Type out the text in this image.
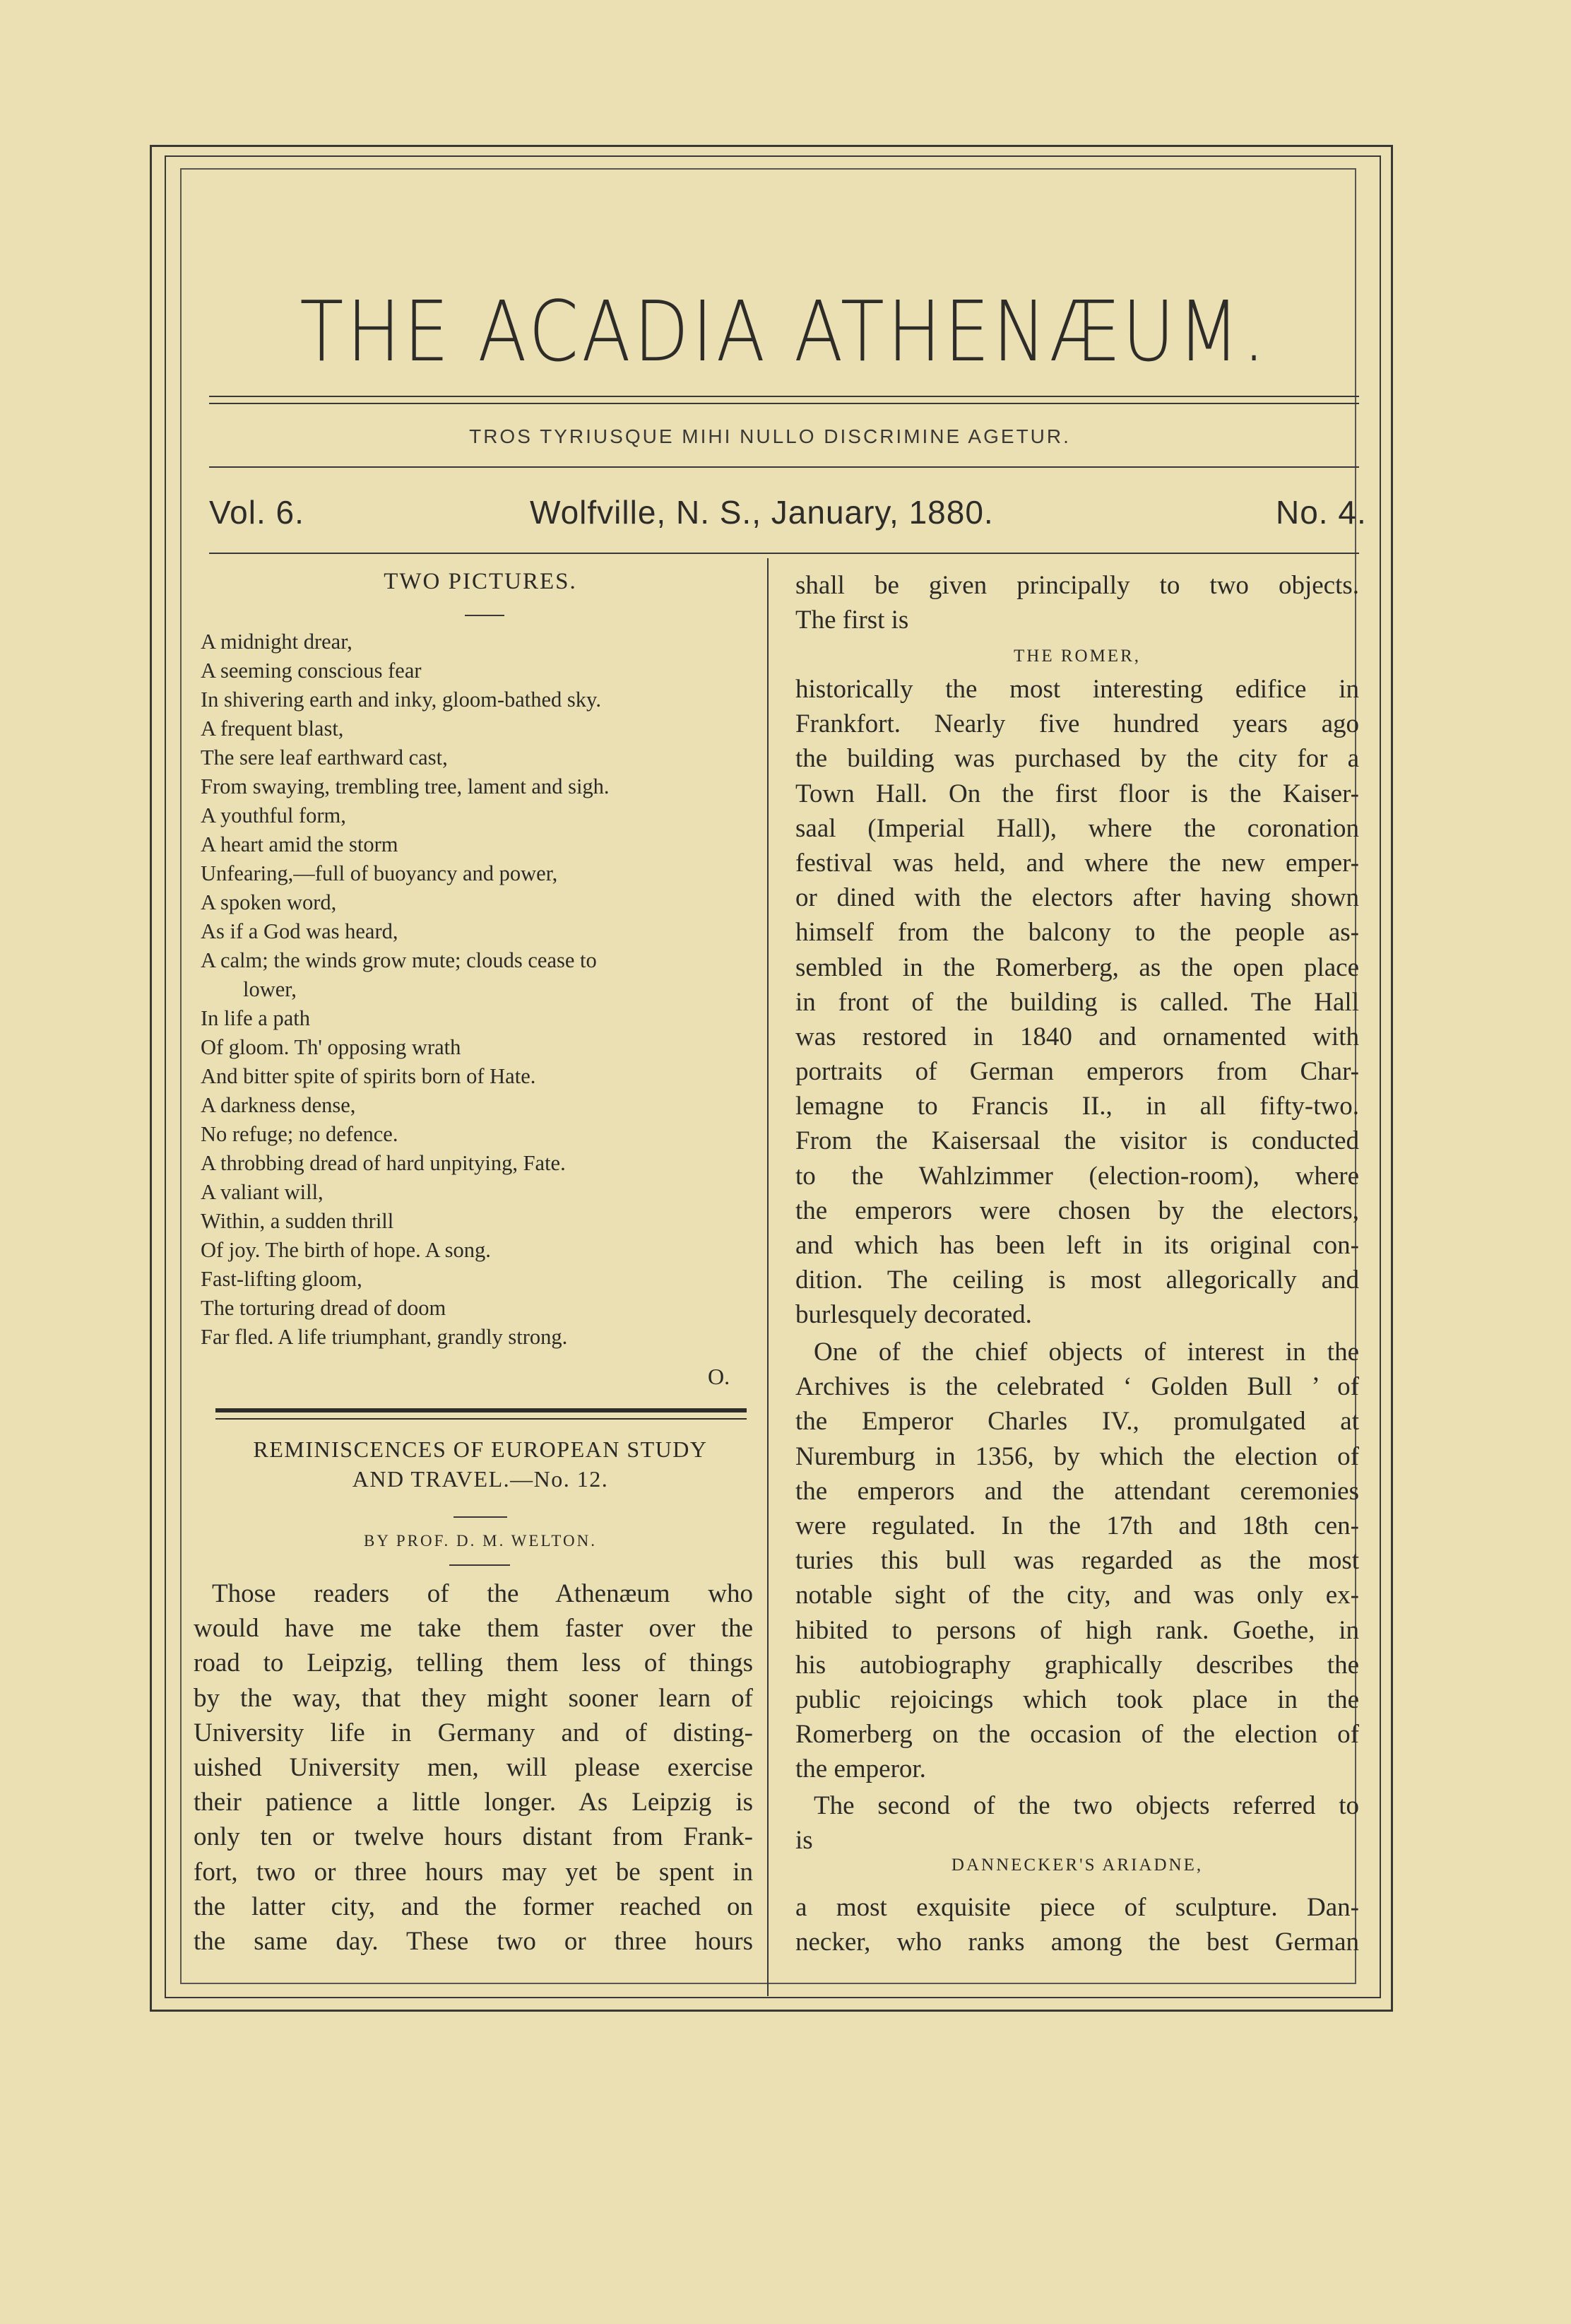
THE ACADIA ATHENÆUM.
TROS TYRIUSQUE MIHI NULLO DISCRIMINE AGETUR.
Vol. 6.	Wolfville, N. S., January, 1880.	No. 4.
TWO PICTURES.
A midnight drear,
A seeming conscious fear
In shivering earth and inky, gloom-bathed sky.
A frequent blast,
The sere leaf earthward cast,
From swaying, trembling tree, lament and sigh.
A youthful form,
A heart amid the storm
Unfearing,—full of buoyancy and power,
A spoken word,
As if a God was heard,
A calm; the winds grow mute; clouds cease to
lower,
In life a path
Of gloom. Th' opposing wrath
And bitter spite of spirits born of Hate.
A darkness dense,
No refuge; no defence.
A throbbing dread of hard unpitying, Fate.
A valiant will,
Within, a sudden thrill
Of joy. The birth of hope. A song.
Fast-lifting gloom,
The torturing dread of doom
Far fled. A life triumphant, grandly strong.
O.
REMINISCENCES OF EUROPEAN STUDY
AND TRAVEL.—No. 12.
BY PROF. D. M. WELTON.
Those readers of the Athenæum who
would have me take them faster over the
road to Leipzig, telling them less of things
by the way, that they might sooner learn of
University life in Germany and of disting-
uished University men, will please exercise
their patience a little longer. As Leipzig is
only ten or twelve hours distant from Frank-
fort, two or three hours may yet be spent in
the latter city, and the former reached on
the same day. These two or three hours
shall be given principally to two objects.
The first is
THE ROMER,
historically the most interesting edifice in
Frankfort. Nearly five hundred years ago
the building was purchased by the city for a
Town Hall. On the first floor is the Kaiser-
saal (Imperial Hall), where the coronation
festival was held, and where the new emper-
or dined with the electors after having shown
himself from the balcony to the people as-
sembled in the Romerberg, as the open place
in front of the building is called. The Hall
was restored in 1840 and ornamented with
portraits of German emperors from Char-
lemagne to Francis II., in all fifty-two.
From the Kaisersaal the visitor is conducted
to the Wahlzimmer (election-room), where
the emperors were chosen by the electors,
and which has been left in its original con-
dition. The ceiling is most allegorically and
burlesquely decorated.
One of the chief objects of interest in the
Archives is the celebrated ‘ Golden Bull ’ of
the Emperor Charles IV., promulgated at
Nuremburg in 1356, by which the election of
the emperors and the attendant ceremonies
were regulated. In the 17th and 18th cen-
turies this bull was regarded as the most
notable sight of the city, and was only ex-
hibited to persons of high rank. Goethe, in
his autobiography graphically describes the
public rejoicings which took place in the
Romerberg on the occasion of the election of
the emperor.
The second of the two objects referred to
is
DANNECKER'S ARIADNE,
a most exquisite piece of sculpture. Dan-
necker, who ranks among the best German
